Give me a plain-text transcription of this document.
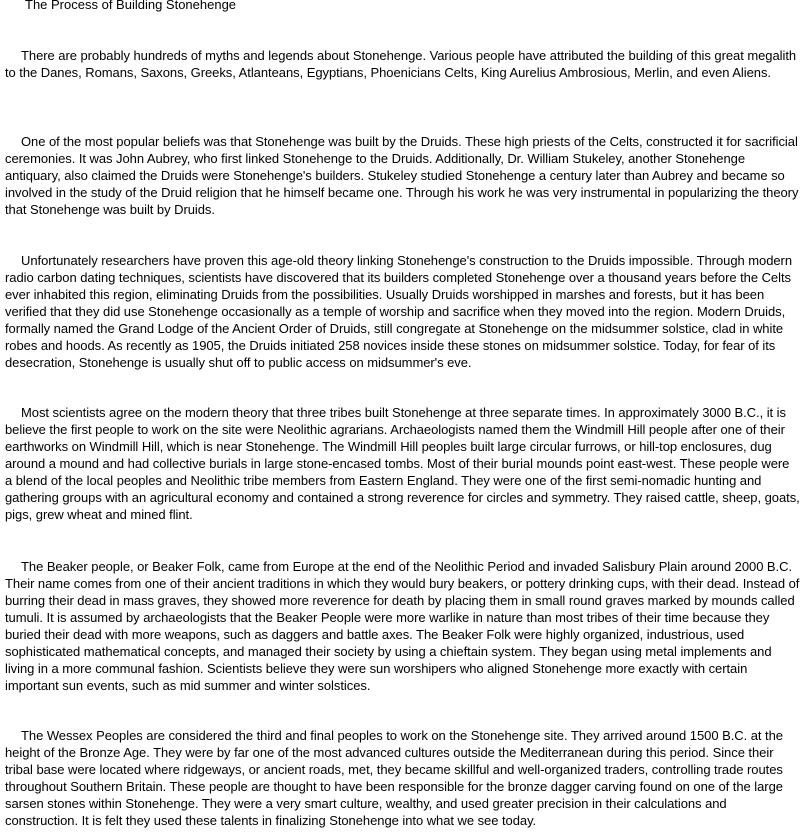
The Process of Building Stonehenge

There are probably hundreds of myths and legends about Stonehenge. Various people have attributed the building of this great megalith to the Danes, Romans, Saxons, Greeks, Atlanteans, Egyptians, Phoenicians Celts, King Aurelius Ambrosious, Merlin, and even Aliens.

One of the most popular beliefs was that Stonehenge was built by the Druids. These high priests of the Celts, constructed it for sacrificial ceremonies. It was John Aubrey, who first linked Stonehenge to the Druids. Additionally, Dr. William Stukeley, another Stonehenge antiquary, also claimed the Druids were Stonehenge's builders. Stukeley studied Stonehenge a century later than Aubrey and became so involved in the study of the Druid religion that he himself became one. Through his work he was very instrumental in popularizing the theory that Stonehenge was built by Druids.

Unfortunately researchers have proven this age-old theory linking Stonehenge's construction to the Druids impossible. Through modern radio carbon dating techniques, scientists have discovered that its builders completed Stonehenge over a thousand years before the Celts ever inhabited this region, eliminating Druids from the possibilities. Usually Druids worshipped in marshes and forests, but it has been verified that they did use Stonehenge occasionally as a temple of worship and sacrifice when they moved into the region. Modern Druids, formally named the Grand Lodge of the Ancient Order of Druids, still congregate at Stonehenge on the midsummer solstice, clad in white robes and hoods. As recently as 1905, the Druids initiated 258 novices inside these stones on midsummer solstice. Today, for fear of its desecration, Stonehenge is usually shut off to public access on midsummer's eve.

Most scientists agree on the modern theory that three tribes built Stonehenge at three separate times. In approximately 3000 B.C., it is believe the first people to work on the site were Neolithic agrarians. Archaeologists named them the Windmill Hill people after one of their earthworks on Windmill Hill, which is near Stonehenge. The Windmill Hill peoples built large circular furrows, or hill-top enclosures, dug around a mound and had collective burials in large stone-encased tombs. Most of their burial mounds point east-west. These people were a blend of the local peoples and Neolithic tribe members from Eastern England. They were one of the first semi-nomadic hunting and gathering groups with an agricultural economy and contained a strong reverence for circles and symmetry. They raised cattle, sheep, goats, pigs, grew wheat and mined flint.

The Beaker people, or Beaker Folk, came from Europe at the end of the Neolithic Period and invaded Salisbury Plain around 2000 B.C. Their name comes from one of their ancient traditions in which they would bury beakers, or pottery drinking cups, with their dead. Instead of burring their dead in mass graves, they showed more reverence for death by placing them in small round graves marked by mounds called tumuli. It is assumed by archaeologists that the Beaker People were more warlike in nature than most tribes of their time because they buried their dead with more weapons, such as daggers and battle axes. The Beaker Folk were highly organized, industrious, used sophisticated mathematical concepts, and managed their society by using a chieftain system. They began using metal implements and living in a more communal fashion. Scientists believe they were sun worshipers who aligned Stonehenge more exactly with certain important sun events, such as mid summer and winter solstices.

The Wessex Peoples are considered the third and final peoples to work on the Stonehenge site. They arrived around 1500 B.C. at the height of the Bronze Age. They were by far one of the most advanced cultures outside the Mediterranean during this period. Since their tribal base were located where ridgeways, or ancient roads, met, they became skillful and well-organized traders, controlling trade routes throughout Southern Britain. These people are thought to have been responsible for the bronze dagger carving found on one of the large sarsen stones within Stonehenge. They were a very smart culture, wealthy, and used greater precision in their calculations and construction. It is felt they used these talents in finalizing Stonehenge into what we see today.
